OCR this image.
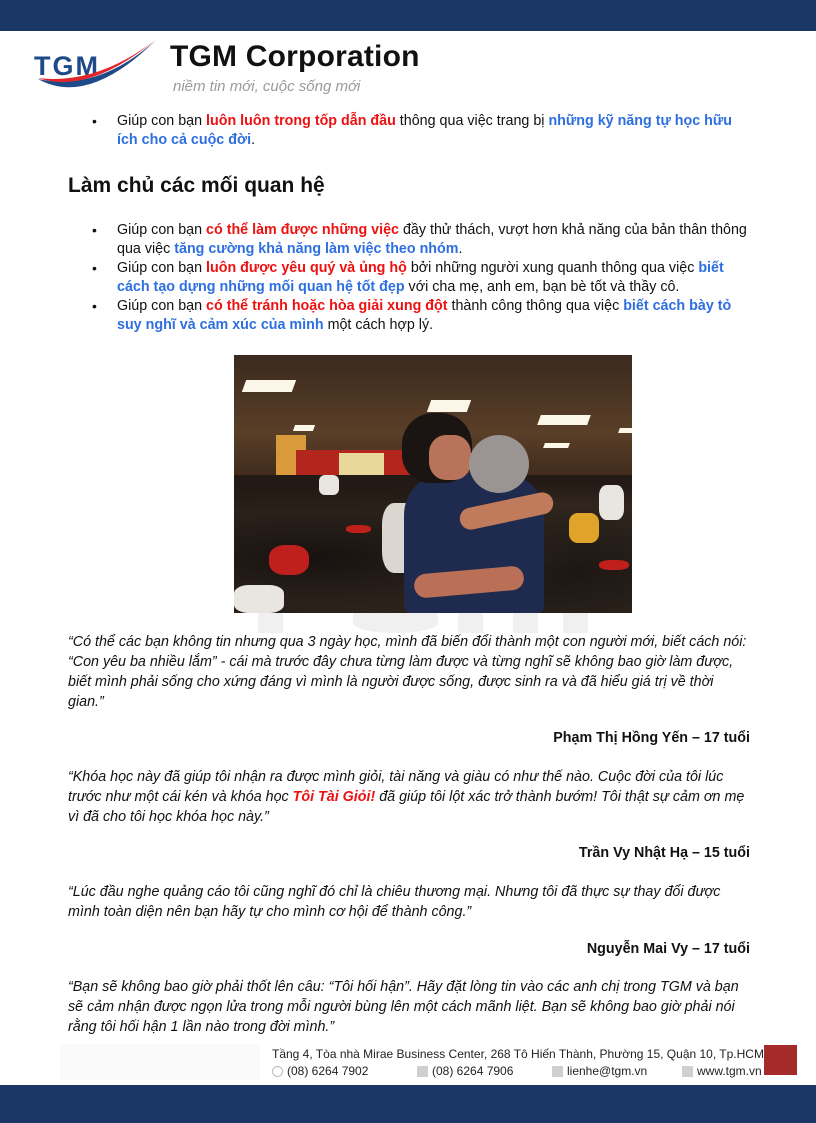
TGM TGM Corporation
niềm tin mới, cuộc sống mới
• Giúp con bạn luôn luôn trong tốp dẫn đầu thông qua việc trang bị những kỹ năng tự học hữu ích cho cả cuộc đời.
Làm chủ các mối quan hệ
• Giúp con bạn có thể làm được những việc đầy thử thách, vượt hơn khả năng của bản thân thông qua việc tăng cường khả năng làm việc theo nhóm.
• Giúp con bạn luôn được yêu quý và ủng hộ bởi những người xung quanh thông qua việc biết cách tạo dựng những mối quan hệ tốt đẹp với cha mẹ, anh em, bạn bè tốt và thầy cô.
• Giúp con bạn có thể tránh hoặc hòa giải xung đột thành công thông qua việc biết cách bày tỏ suy nghĩ và cảm xúc của mình một cách hợp lý.
“Có thể các bạn không tin nhưng qua 3 ngày học, mình đã biến đổi thành một con người mới, biết cách nói: “Con yêu ba nhiều lắm” - cái mà trước đây chưa từng làm được và từng nghĩ sẽ không bao giờ làm được, biết mình phải sống cho xứng đáng vì mình là người được sống, được sinh ra và đã hiểu giá trị về thời gian.”
Phạm Thị Hồng Yến – 17 tuổi
“Khóa học này đã giúp tôi nhận ra được mình giỏi, tài năng và giàu có như thế nào. Cuộc đời của tôi lúc trước như một cái kén và khóa học Tôi Tài Giỏi! đã giúp tôi lột xác trở thành bướm! Tôi thật sự cảm ơn mẹ vì đã cho tôi học khóa học này.”
Trần Vy Nhật Hạ – 15 tuổi
“Lúc đầu nghe quảng cáo tôi cũng nghĩ đó chỉ là chiêu thương mại. Nhưng tôi đã thực sự thay đổi được mình toàn diện nên bạn hãy tự cho mình cơ hội để thành công.”
Nguyễn Mai Vy – 17 tuổi
“Bạn sẽ không bao giờ phải thốt lên câu: “Tôi hối hận”. Hãy đặt lòng tin vào các anh chị trong TGM và bạn sẽ cảm nhận được ngọn lửa trong mỗi người bùng lên một cách mãnh liệt. Bạn sẽ không bao giờ phải nói rằng tôi hối hận 1 lần nào trong đời mình.”
Tầng 4, Tòa nhà Mirae Business Center, 268 Tô Hiến Thành, Phường 15, Quận 10, Tp.HCM
(08) 6264 7902	(08) 6264 7906	lienhe@tgm.vn	www.tgm.vn
